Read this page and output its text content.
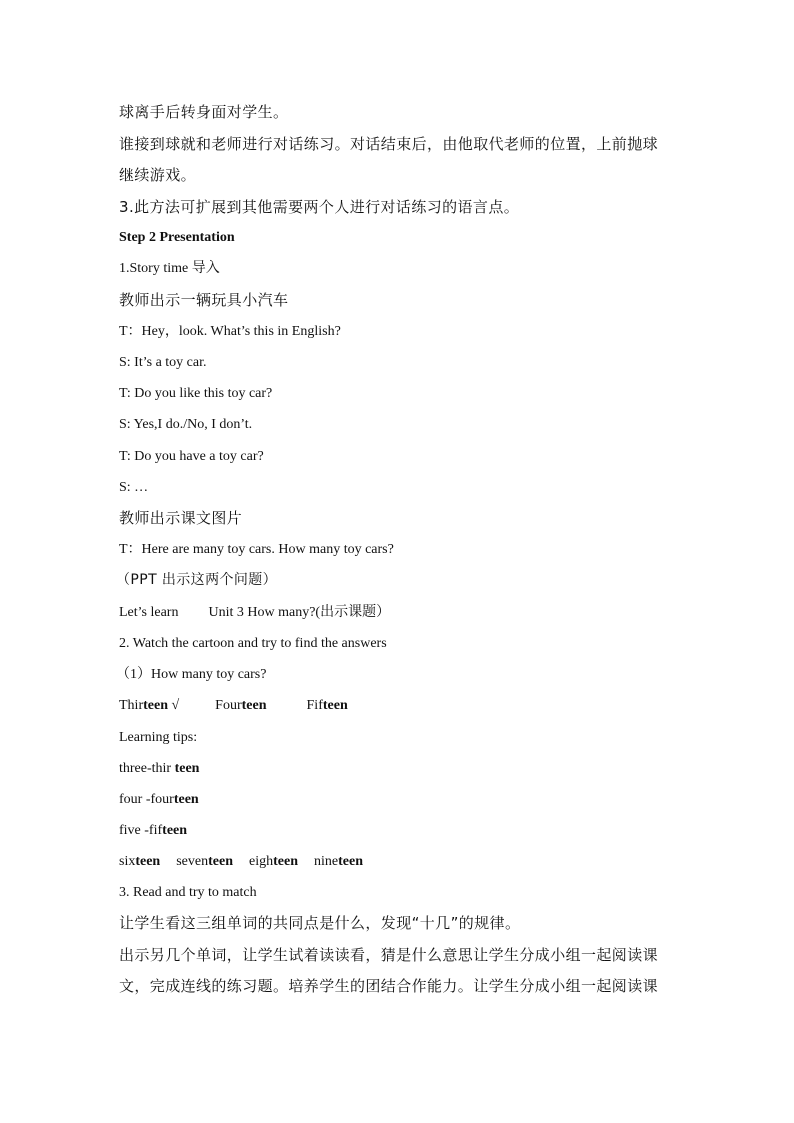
球离手后转身面对学生。
谁接到球就和老师进行对话练习。对话结束后，由他取代老师的位置，上前抛球
继续游戏。
3.此方法可扩展到其他需要两个人进行对话练习的语言点。
Step 2 Presentation
1.Story time 导入
教师出示一辆玩具小汽车
T：Hey，look. What’s this in English?
S: It’s a toy car.
T: Do you like this toy car?
S: Yes,I do./No, I don’t.
T: Do you have a toy car?
S: …
教师出示课文图片
T：Here are many toy cars. How many toy cars?
（PPT 出示这两个问题）
Let’s learn Unit 3 How many?(出示课题）
2. Watch the cartoon and try to find the answers
（1）How many toy cars?
Thirteen √	Fourteen	Fifteen
Learning tips:
three-thir teen
four -fourteen
five -fifteen
sixteen seventeen eighteen nineteen
3. Read and try to match
让学生看这三组单词的共同点是什么，发现“十几”的规律。
出示另几个单词，让学生试着读读看，猜是什么意思让学生分成小组一起阅读课
文，完成连线的练习题。培养学生的团结合作能力。让学生分成小组一起阅读课
